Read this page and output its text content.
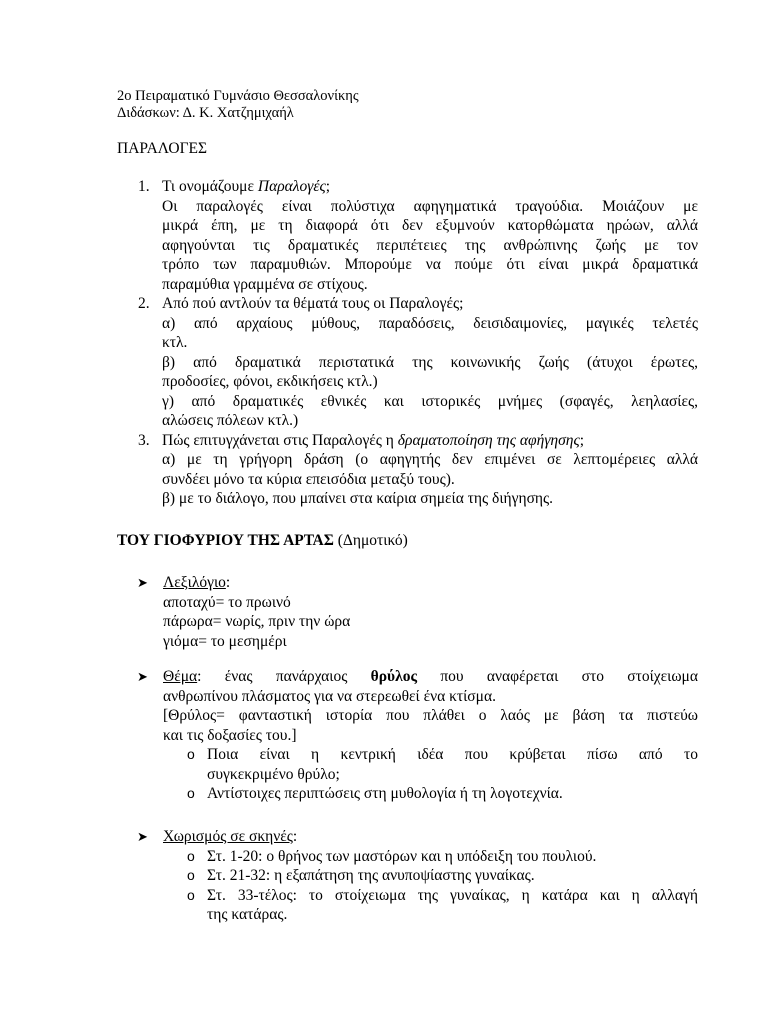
2ο Πειραματικό Γυμνάσιο Θεσσαλονίκης
Διδάσκων: Δ. Κ. Χατζημιχαήλ
ΠΑΡΑΛΟΓΕΣ
1. Τι ονομάζουμε Παραλογές;

Οι παραλογές είναι πολύστιχα αφηγηματικά τραγούδια. Μοιάζουν με

μικρά έπη, με τη διαφορά ότι δεν εξυμνούν κατορθώματα ηρώων, αλλά

αφηγούνται τις δραματικές περιπέτειες της ανθρώπινης ζωής με τον

τρόπο των παραμυθιών. Μπορούμε να πούμε ότι είναι μικρά δραματικά

παραμύθια γραμμένα σε στίχους.

2. Από πού αντλούν τα θέματά τους οι Παραλογές;

α) από αρχαίους μύθους, παραδόσεις, δεισιδαιμονίες, μαγικές τελετές

κτλ.

β) από δραματικά περιστατικά της κοινωνικής ζωής (άτυχοι έρωτες,

προδοσίες, φόνοι, εκδικήσεις κτλ.)

γ) από δραματικές εθνικές και ιστορικές μνήμες (σφαγές, λεηλασίες,

αλώσεις πόλεων κτλ.)

3. Πώς επιτυγχάνεται στις Παραλογές η δραματοποίηση της αφήγησης;

α) με τη γρήγορη δράση (ο αφηγητής δεν επιμένει σε λεπτομέρειες αλλά

συνδέει μόνο τα κύρια επεισόδια μεταξύ τους).

β) με το διάλογο, που μπαίνει στα καίρια σημεία της διήγησης.

ΤΟΥ ΓΙΟΦΥΡΙΟΥ ΤΗΣ ΑΡΤΑΣ (Δημοτικό)
➤ Λεξιλόγιο:

αποταχύ= το πρωινό

πάρωρα= νωρίς, πριν την ώρα

γιόμα= το μεσημέρι

➤ Θέμα: ένας πανάρχαιος θρύλος που αναφέρεται στο στοίχειωμα

ανθρωπίνου πλάσματος για να στερεωθεί ένα κτίσμα.

[Θρύλος= φανταστική ιστορία που πλάθει ο λαός με βάση τα πιστεύω

και τις δοξασίες του.]

o Ποια είναι η κεντρική ιδέα που κρύβεται πίσω από το

συγκεκριμένο θρύλο;

o Αντίστοιχες περιπτώσεις στη μυθολογία ή τη λογοτεχνία.

➤ Χωρισμός σε σκηνές:

o Στ. 1-20: ο θρήνος των μαστόρων και η υπόδειξη του πουλιού.

o Στ. 21-32: η εξαπάτηση της ανυποψίαστης γυναίκας.

o Στ. 33-τέλος: το στοίχειωμα της γυναίκας, η κατάρα και η αλλαγή

της κατάρας.
